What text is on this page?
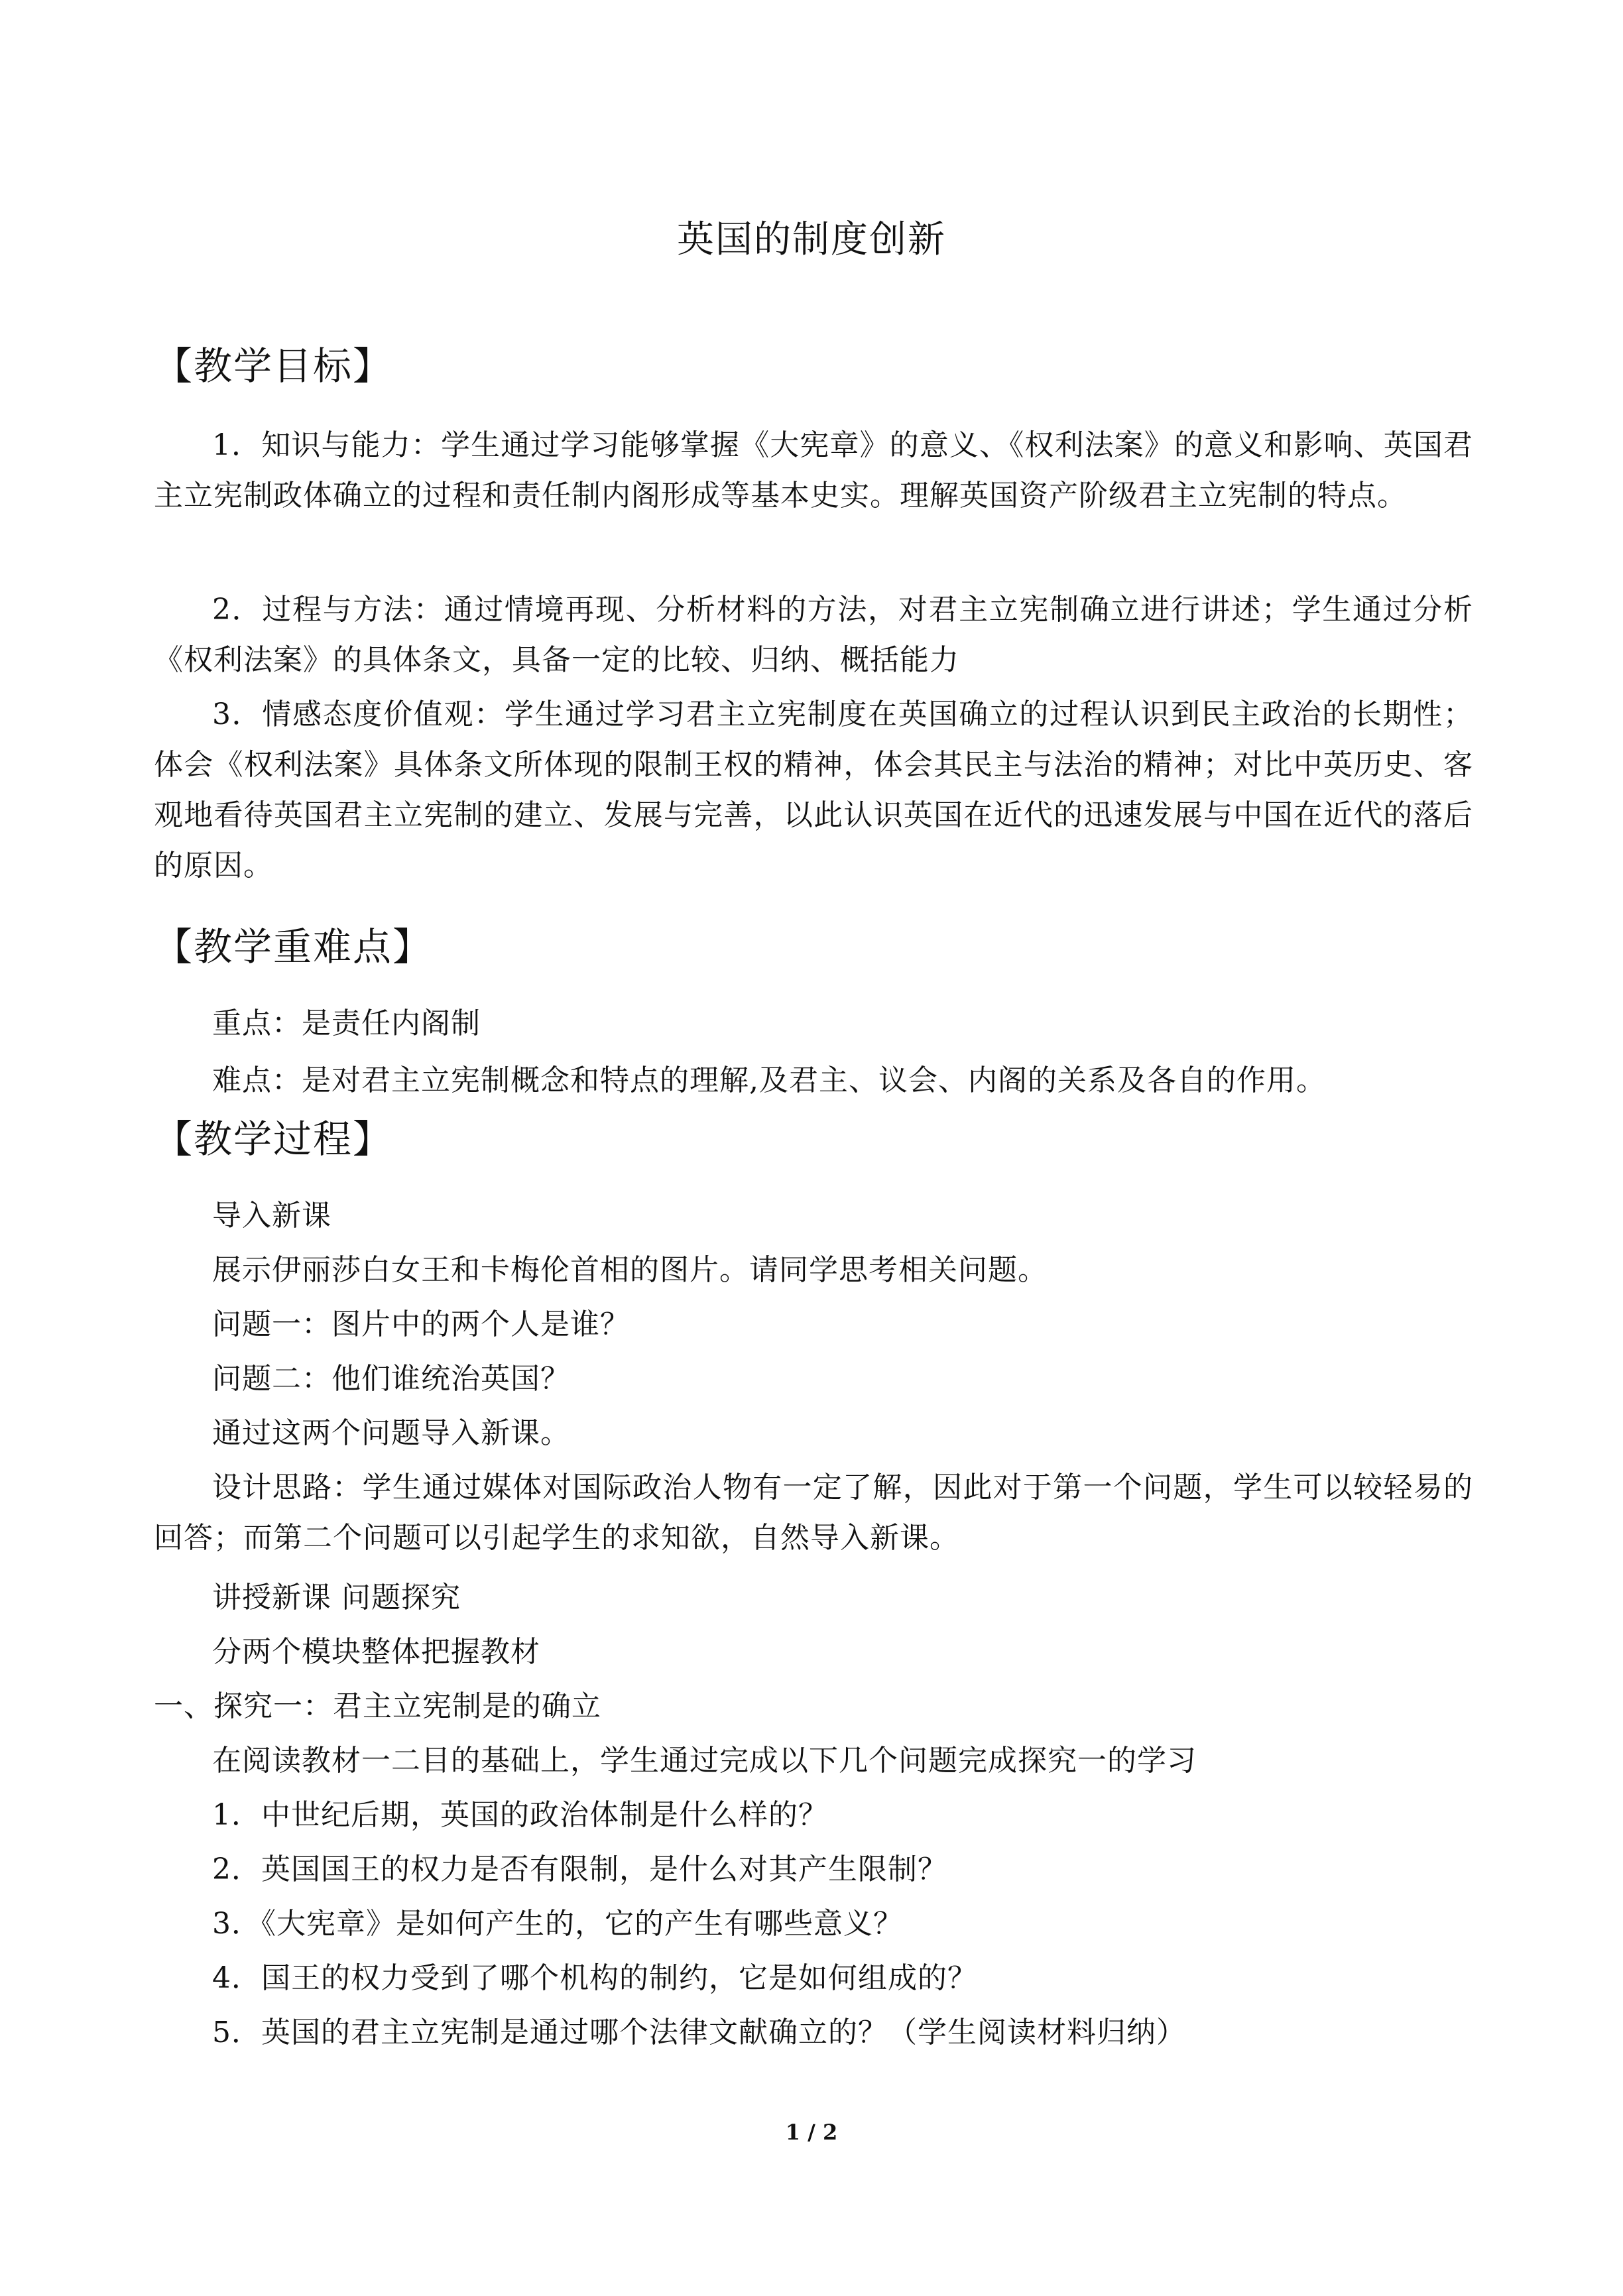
英国的制度创新
【教学目标】
1．知识与能力：学生通过学习能够掌握《大宪章》的意义、《权利法案》的意义和影响、英国君主立宪制政体确立的过程和责任制内阁形成等基本史实。理解英国资产阶级君主立宪制的特点。
2．过程与方法：通过情境再现、分析材料的方法，对君主立宪制确立进行讲述；学生通过分析《权利法案》的具体条文，具备一定的比较、归纳、概括能力
3．情感态度价值观：学生通过学习君主立宪制度在英国确立的过程认识到民主政治的长期性；体会《权利法案》具体条文所体现的限制王权的精神，体会其民主与法治的精神；对比中英历史、客观地看待英国君主立宪制的建立、发展与完善，以此认识英国在近代的迅速发展与中国在近代的落后的原因。
【教学重难点】
重点：是责任内阁制
难点：是对君主立宪制概念和特点的理解,及君主、议会、内阁的关系及各自的作用。
【教学过程】
导入新课
展示伊丽莎白女王和卡梅伦首相的图片。请同学思考相关问题。
问题一：图片中的两个人是谁？
问题二：他们谁统治英国？
通过这两个问题导入新课。
设计思路：学生通过媒体对国际政治人物有一定了解，因此对于第一个问题，学生可以较轻易的回答；而第二个问题可以引起学生的求知欲，自然导入新课。
讲授新课 问题探究
分两个模块整体把握教材
一、探究一：君主立宪制是的确立
在阅读教材一二目的基础上，学生通过完成以下几个问题完成探究一的学习
1．中世纪后期，英国的政治体制是什么样的？
2．英国国王的权力是否有限制，是什么对其产生限制？
3．《大宪章》是如何产生的，它的产生有哪些意义？
4．国王的权力受到了哪个机构的制约，它是如何组成的？
5．英国的君主立宪制是通过哪个法律文献确立的？（学生阅读材料归纳）
1 / 2
